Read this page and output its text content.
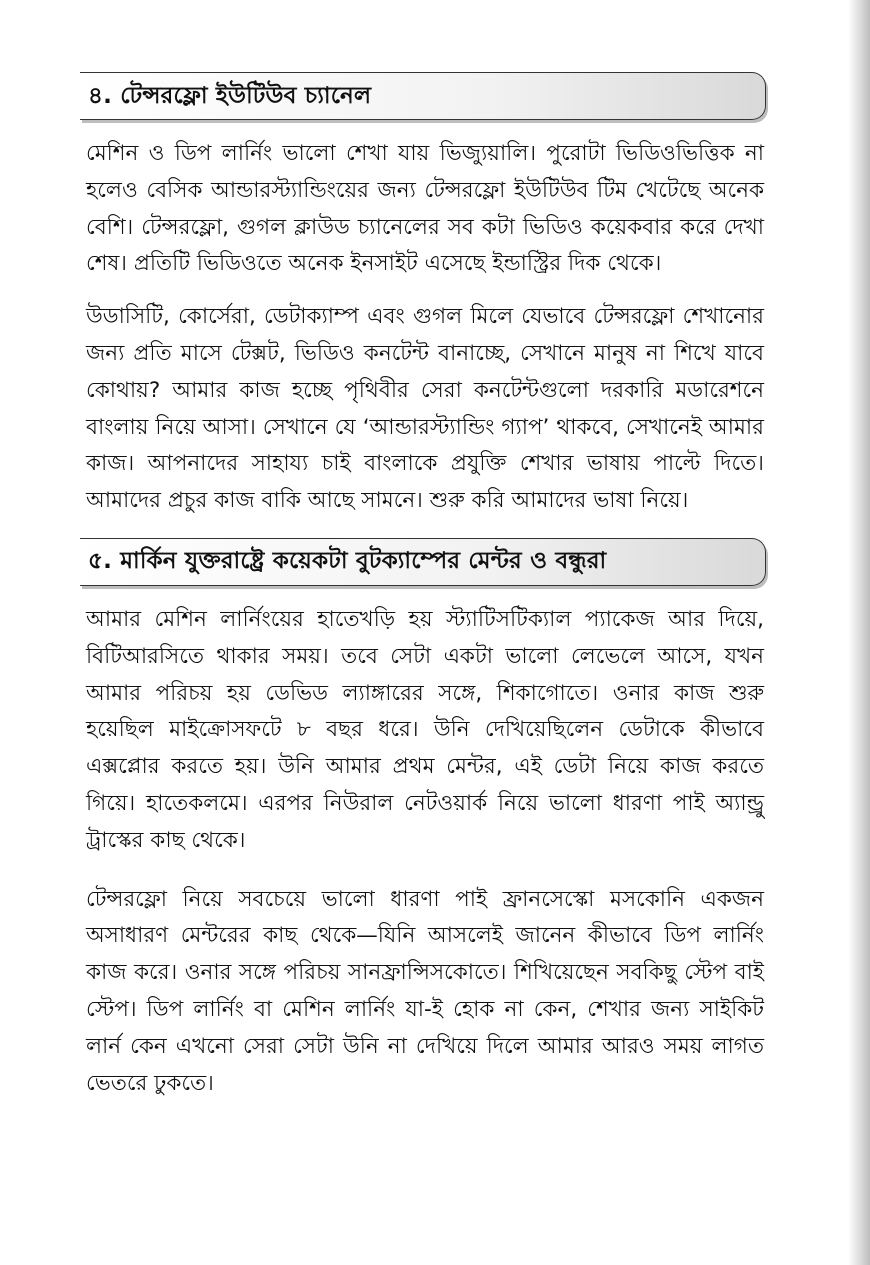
৪. টেন্সরফ্লো ইউটিউব চ্যানেল

মেশিন ও ডিপ লার্নিং ভালো শেখা যায় ভিজ্যুয়ালি। পুরোটা ভিডিওভিত্তিক না হলেও বেসিক আন্ডারস্ট্যান্ডিংয়ের জন্য টেন্সরফ্লো ইউটিউব টিম খেটেছে অনেক বেশি। টেন্সরফ্লো, গুগল ক্লাউড চ্যানেলের সব কটা ভিডিও কয়েকবার করে দেখা শেষ। প্রতিটি ভিডিওতে অনেক ইনসাইট এসেছে ইন্ডাস্ট্রির দিক থেকে।

উডাসিটি, কোর্সেরা, ডেটাক্যাম্প এবং গুগল মিলে যেভাবে টেন্সরফ্লো শেখানোর জন্য প্রতি মাসে টেক্সট, ভিডিও কনটেন্ট বানাচ্ছে, সেখানে মানুষ না শিখে যাবে কোথায়? আমার কাজ হচ্ছে পৃথিবীর সেরা কনটেন্টগুলো দরকারি মডারেশনে বাংলায় নিয়ে আসা। সেখানে যে ‘আন্ডারস্ট্যান্ডিং গ্যাপ’ থাকবে, সেখানেই আমার কাজ। আপনাদের সাহায্য চাই বাংলাকে প্রযুক্তি শেখার ভাষায় পাল্টে দিতে। আমাদের প্রচুর কাজ বাকি আছে সামনে। শুরু করি আমাদের ভাষা নিয়ে।

৫. মার্কিন যুক্তরাষ্ট্রে কয়েকটা বুটক্যাম্পের মেন্টর ও বন্ধুরা

আমার মেশিন লার্নিংয়ের হাতেখড়ি হয় স্ট্যাটিসটিক্যাল প্যাকেজ আর দিয়ে, বিটিআরসিতে থাকার সময়। তবে সেটা একটা ভালো লেভেলে আসে, যখন আমার পরিচয় হয় ডেভিড ল্যাঙ্গারের সঙ্গে, শিকাগোতে। ওনার কাজ শুরু হয়েছিল মাইক্রোসফটে ৮ বছর ধরে। উনি দেখিয়েছিলেন ডেটাকে কীভাবে এক্সপ্লোর করতে হয়। উনি আমার প্রথম মেন্টর, এই ডেটা নিয়ে কাজ করতে গিয়ে। হাতেকলমে। এরপর নিউরাল নেটওয়ার্ক নিয়ে ভালো ধারণা পাই অ্যান্ড্রু ট্রাস্কের কাছ থেকে।

টেন্সরফ্লো নিয়ে সবচেয়ে ভালো ধারণা পাই ফ্রানসেস্কো মসকোনি একজন অসাধারণ মেন্টরের কাছ থেকে—যিনি আসলেই জানেন কীভাবে ডিপ লার্নিং কাজ করে। ওনার সঙ্গে পরিচয় সানফ্রান্সিসকোতে। শিখিয়েছেন সবকিছু স্টেপ বাই স্টেপ। ডিপ লার্নিং বা মেশিন লার্নিং যা-ই হোক না কেন, শেখার জন্য সাইকিট লার্ন কেন এখনো সেরা সেটা উনি না দেখিয়ে দিলে আমার আরও সময় লাগত ভেতরে ঢুকতে।
